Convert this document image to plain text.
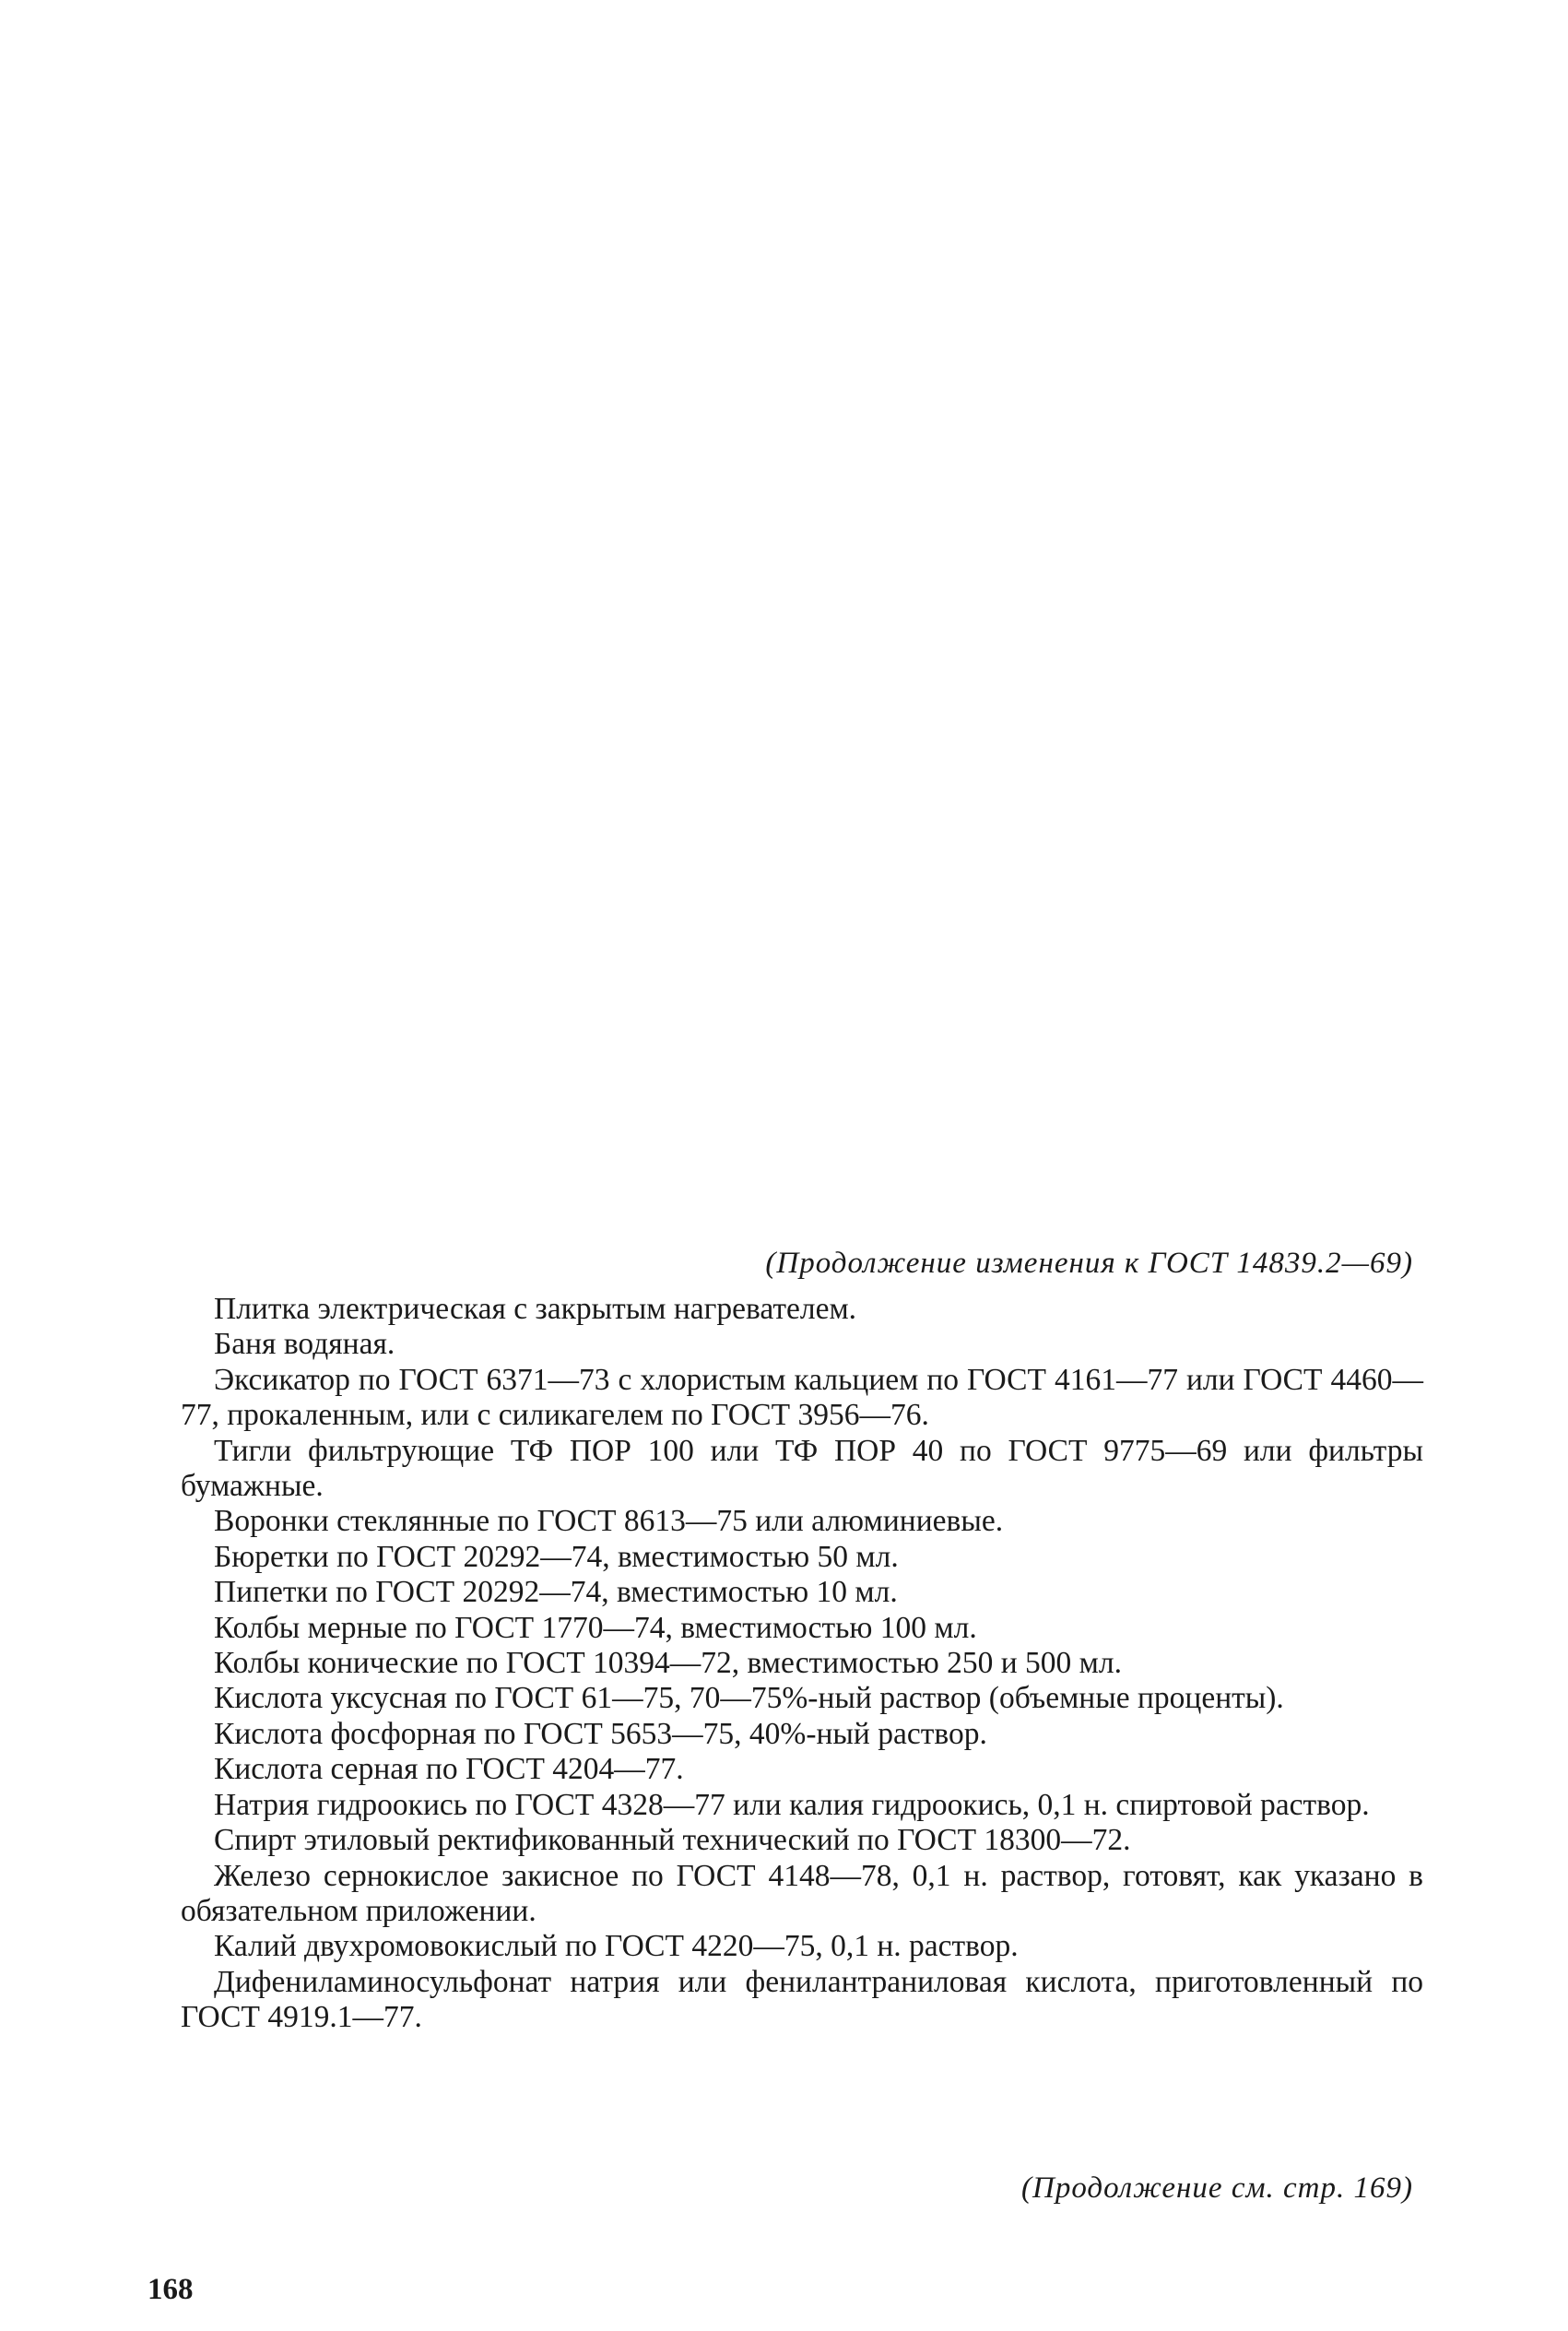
(Продолжение изменения к ГОСТ 14839.2—69)

Плитка электрическая с закрытым нагревателем.

Баня водяная.

Эксикатор по ГОСТ 6371—73 с хлористым кальцием по ГОСТ 4161—77 или ГОСТ 4460—77, прокаленным, или с силикагелем по ГОСТ 3956—76.

Тигли фильтрующие ТФ ПОР 100 или ТФ ПОР 40 по ГОСТ 9775—69 или фильтры бумажные.

Воронки стеклянные по ГОСТ 8613—75 или алюминиевые.

Бюретки по ГОСТ 20292—74, вместимостью 50 мл.

Пипетки по ГОСТ 20292—74, вместимостью 10 мл.

Колбы мерные по ГОСТ 1770—74, вместимостью 100 мл.

Колбы конические по ГОСТ 10394—72, вместимостью 250 и 500 мл.

Кислота уксусная по ГОСТ 61—75, 70—75%-ный раствор (объемные проценты).

Кислота фосфорная по ГОСТ 5653—75, 40%-ный раствор.

Кислота серная по ГОСТ 4204—77.

Натрия гидроокись по ГОСТ 4328—77 или калия гидроокись, 0,1 н. спиртовой раствор.

Спирт этиловый ректификованный технический по ГОСТ 18300—72.

Железо сернокислое закисное по ГОСТ 4148—78, 0,1 н. раствор, готовят, как указано в обязательном приложении.

Калий двухромовокислый по ГОСТ 4220—75, 0,1 н. раствор.

Дифениламиносульфонат натрия или фенилантраниловая кислота, приготовленный по ГОСТ 4919.1—77.

(Продолжение см. стр. 169)
168
